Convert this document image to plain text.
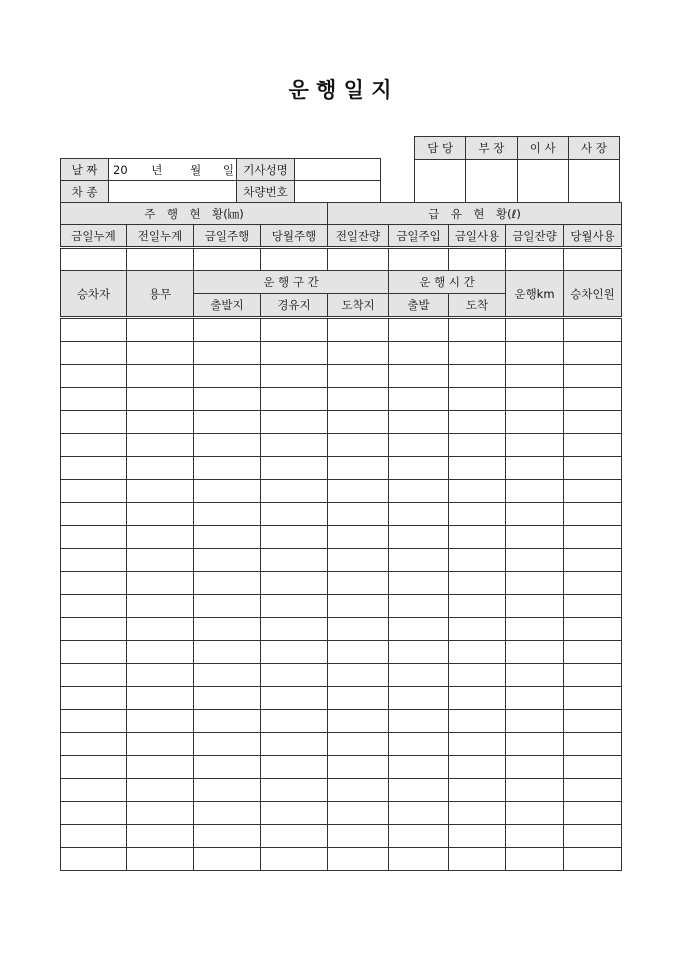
운 행 일 지
담 당	부 장	이 사	사 장

날 짜	20 년 월 일	기사성명	
차 종		차량번호	
주　행　현　황(㎞)				급　유　현　황(ℓ)				
금일누계	전일누계	금일주행	당월주행	전일잔량	금일주입	금일사용	금일잔량	당월사용

승차자	용무	운 행 구 간			운 행 시 간		운행km	승차인원
		출발지	경유지	도착지	출발	도착		
